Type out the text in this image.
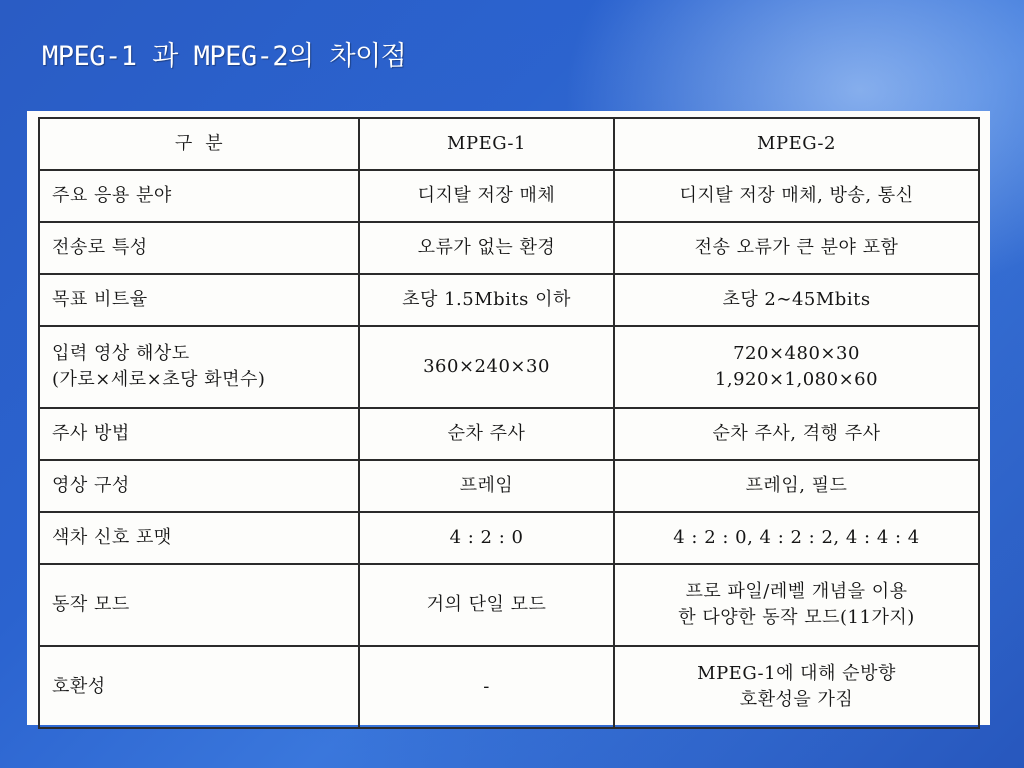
MPEG-1 과 MPEG-2의 차이점
구  분	MPEG-1	MPEG-2
주요 응용 분야	디지탈 저장 매체	디지탈 저장 매체, 방송, 통신
전송로 특성	오류가 없는 환경	전송 오류가 큰 분야 포함
목표 비트율	초당 1.5Mbits 이하	초당 2∼45Mbits
입력 영상 해상도
(가로×세로×초당 화면수)	360×240×30	720×480×30
1,920×1,080×60
주사 방법	순차 주사	순차 주사, 격행 주사
영상 구성	프레임	프레임, 필드
색차 신호 포맷	4 : 2 : 0	4 : 2 : 0, 4 : 2 : 2, 4 : 4 : 4
동작 모드	거의 단일 모드	프로 파일/레벨 개념을 이용
한 다양한 동작 모드(11가지)
호환성	-	MPEG-1에 대해 순방향
호환성을 가짐
